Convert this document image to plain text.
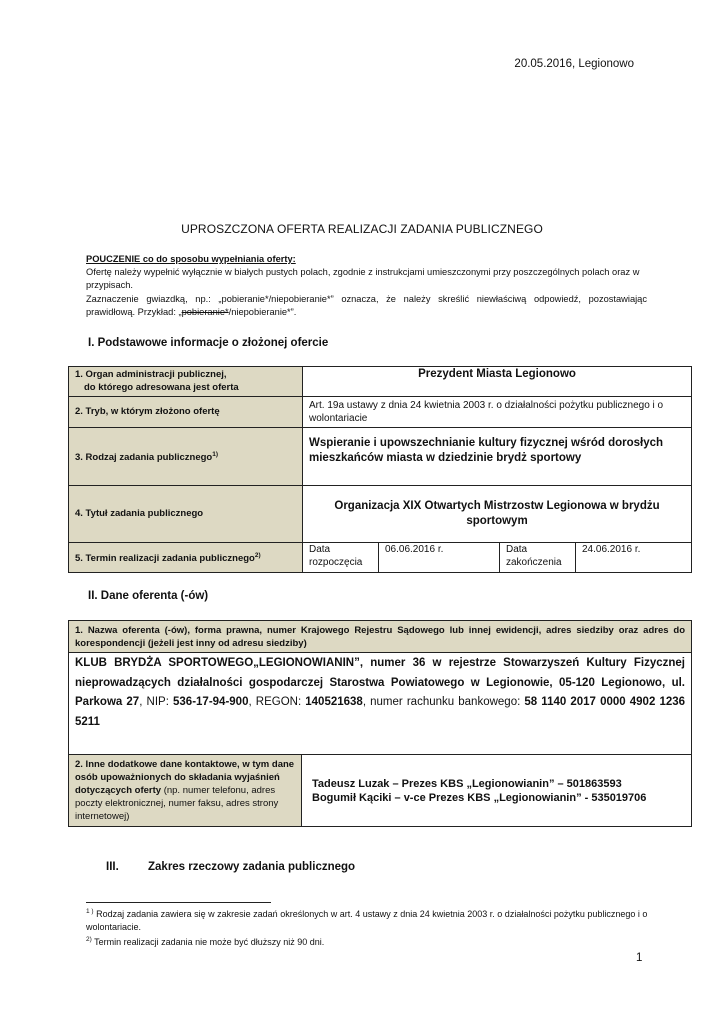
20.05.2016, Legionowo
UPROSZCZONA OFERTA REALIZACJI ZADANIA PUBLICZNEGO
POUCZENIE co do sposobu wypełniania oferty:
Ofertę należy wypełnić wyłącznie w białych pustych polach, zgodnie z instrukcjami umieszczonymi przy poszczególnych polach oraz w przypisach.
Zaznaczenie gwiazdką, np.: „pobieranie*/niepobieranie*” oznacza, że należy skreślić niewłaściwą odpowiedź, pozostawiając prawidłową. Przykład: „pobieranie*/niepobieranie*”.
I. Podstawowe informacje o złożonej ofercie
1. Organ administracji publicznej,
do którego adresowana jest oferta	Prezydent Miasta Legionowo			
2. Tryb, w którym złożono ofertę	Art. 19a ustawy z dnia 24 kwietnia 2003 r. o działalności pożytku publicznego i o wolontariacie			
3. Rodzaj zadania publicznego$^{1)}$	Wspieranie i upowszechnianie kultury fizycznej wśród dorosłych mieszkańców miasta w dziedzinie brydż sportowy			
4. Tytuł zadania publicznego	Organizacja XIX Otwartych Mistrzostw Legionowa w brydżu sportowym			
5. Termin realizacji zadania publicznego$^{2)}$	Data rozpoczęcia	06.06.2016 r.	Data zakończenia	24.06.2016 r.
II. Dane oferenta (-ów)
1. Nazwa oferenta (-ów), forma prawna, numer Krajowego Rejestru Sądowego lub innej ewidencji, adres siedziby oraz adres do korespondencji (jeżeli jest inny od adresu siedziby)
KLUB BRYDŻA SPORTOWEGO„LEGIONOWIANIN”, numer 36 w rejestrze Stowarzyszeń Kultury Fizycznej nieprowadzących działalności gospodarczej Starostwa Powiatowego w Legionowie, 05-120 Legionowo, ul. Parkowa 27, NIP: 536-17-94-900, REGON: 140521638, numer rachunku bankowego: 58 1140 2017 0000 4902 1236 5211
2. Inne dodatkowe dane kontaktowe, w tym dane osób upoważnionych do składania wyjaśnień dotyczących oferty (np. numer telefonu, adres poczty elektronicznej, numer faksu, adres strony internetowej)	
Tadeusz Luzak – Prezes KBS „Legionowianin” – 501863593
Bogumił Kąciki – v-ce Prezes KBS „Legionowianin” - 535019706
III.	Zakres rzeczowy zadania publicznego
$^{1 )}$ Rodzaj zadania zawiera się w zakresie zadań określonych w art. 4 ustawy z dnia 24 kwietnia 2003 r. o działalności pożytku publicznego i o wolontariacie.
$^{2)}$ Termin realizacji zadania nie może być dłuższy niż 90 dni.
1
